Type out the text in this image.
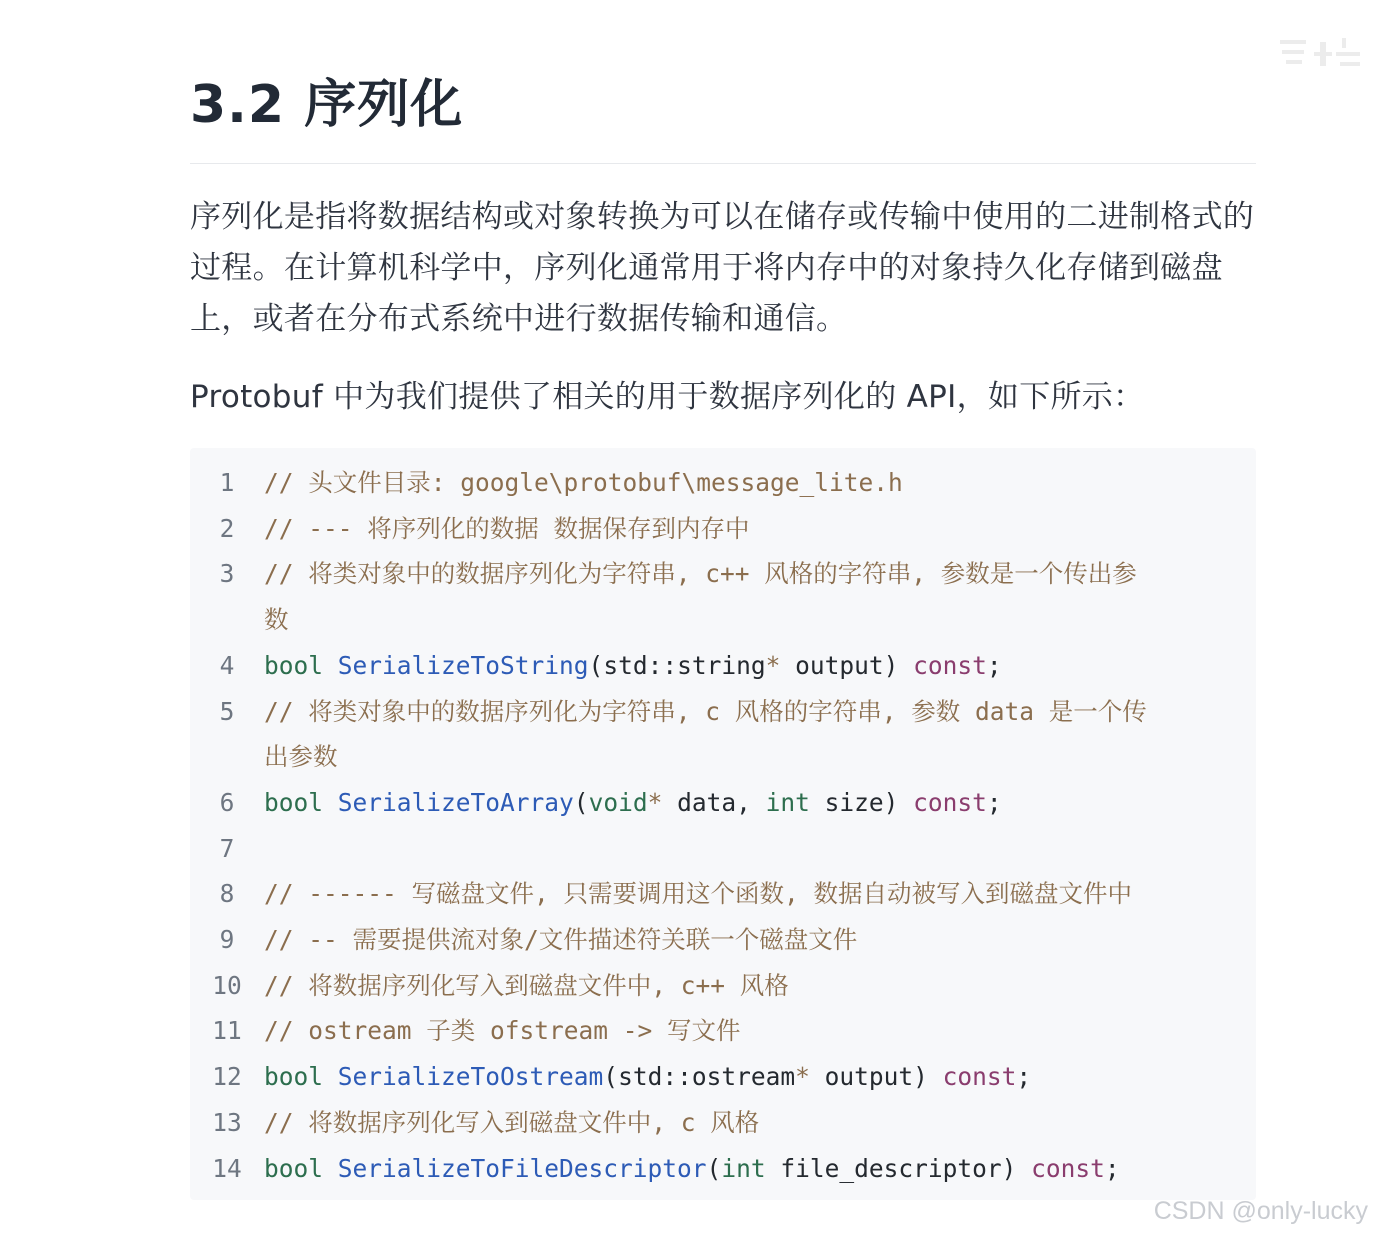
3.2 序列化

序列化是指将数据结构或对象转换为可以在储存或传输中使用的二进制格式的过程。在计算机科学中，序列化通常用于将内存中的对象持久化存储到磁盘上，或者在分布式系统中进行数据传输和通信。

Protobuf 中为我们提供了相关的用于数据序列化的 API，如下所示：

1	// 头文件目录: google\protobuf\message_lite.h
2	// --- 将序列化的数据 数据保存到内存中
3	// 将类对象中的数据序列化为字符串, c++ 风格的字符串, 参数是一个传出参
数
4	bool SerializeToString(std::string* output) const;
5	// 将类对象中的数据序列化为字符串, c 风格的字符串, 参数 data 是一个传
出参数
6	bool SerializeToArray(void* data, int size) const;
7
8	// ------ 写磁盘文件, 只需要调用这个函数, 数据自动被写入到磁盘文件中
9	// -- 需要提供流对象/文件描述符关联一个磁盘文件
10 // 将数据序列化写入到磁盘文件中, c++ 风格
11 // ostream 子类 ofstream -> 写文件
12 bool SerializeToOstream(std::ostream* output) const;
13 // 将数据序列化写入到磁盘文件中, c 风格
14 bool SerializeToFileDescriptor(int file_descriptor) const;
CSDN @only-lucky
